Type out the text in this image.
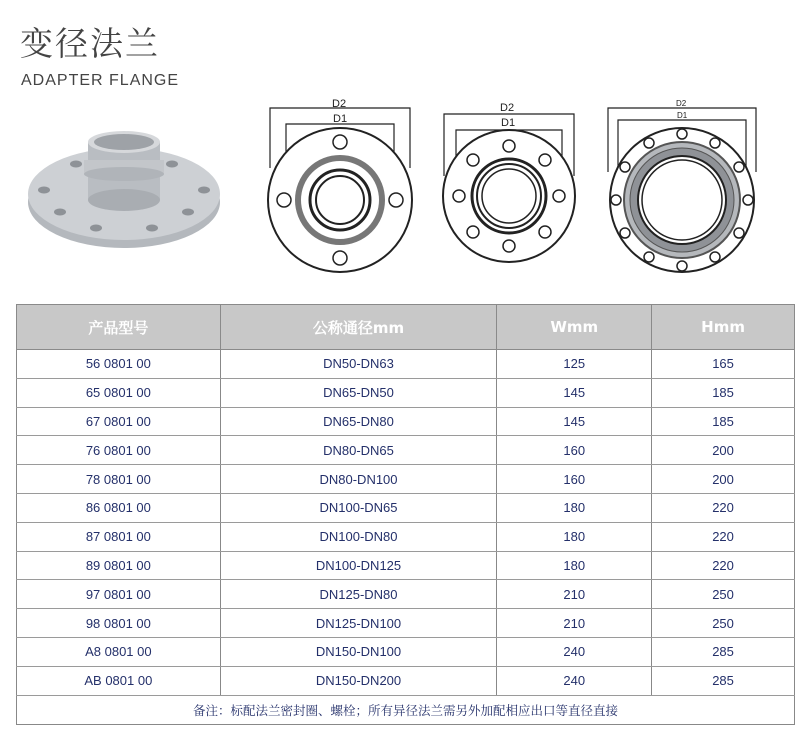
变径法兰
ADAPTER FLANGE
D2
D1
D2
D1
D2
D1
产品型号	公称通径mm	Wmm	Hmm
56 0801 00	DN50-DN63	125	165
65 0801 00	DN65-DN50	145	185
67 0801 00	DN65-DN80	145	185
76 0801 00	DN80-DN65	160	200
78 0801 00	DN80-DN100	160	200
86 0801 00	DN100-DN65	180	220
87 0801 00	DN100-DN80	180	220
89 0801 00	DN100-DN125	180	220
97 0801 00	DN125-DN80	210	250
98 0801 00	DN125-DN100	210	250
A8 0801 00	DN150-DN100	240	285
AB 0801 00	DN150-DN200	240	285
备注：标配法兰密封圈、螺栓；所有异径法兰需另外加配相应出口等直径直接			
